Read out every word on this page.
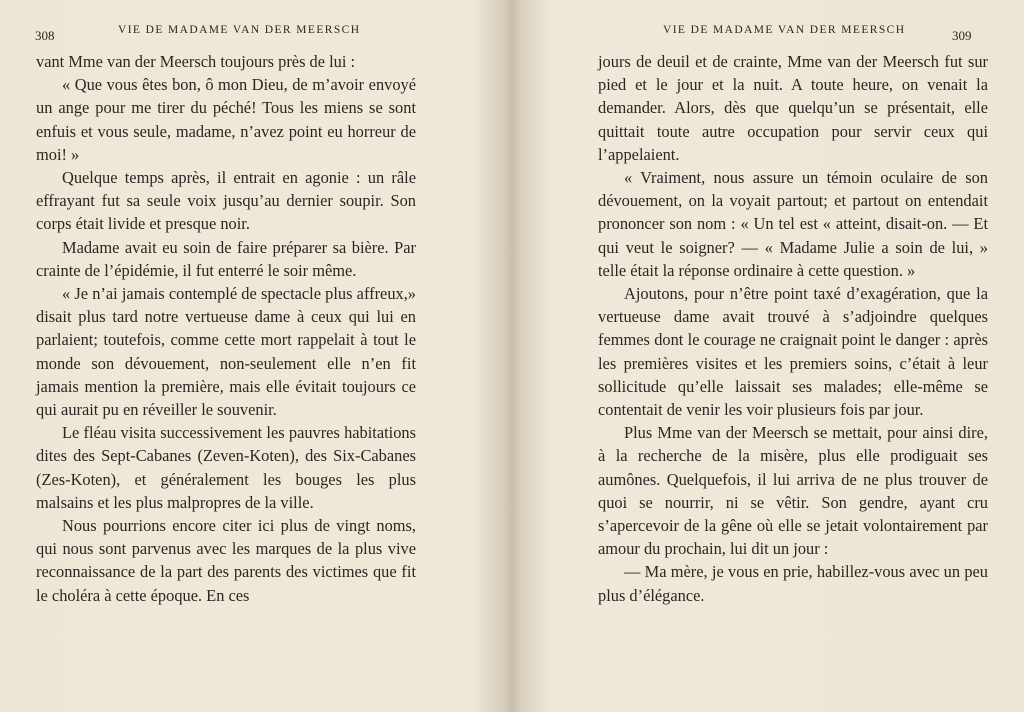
308	VIE DE MADAME VAN DER MEERSCH

vant Mme van der Meersch toujours près de lui :

« Que vous êtes bon, ô mon Dieu, de m’avoir envoyé un ange pour me tirer du péché! Tous les miens se sont enfuis et vous seule, madame, n’avez point eu horreur de moi! »

Quelque temps après, il entrait en agonie : un râle effrayant fut sa seule voix jusqu’au dernier soupir. Son corps était livide et presque noir.

Madame avait eu soin de faire préparer sa bière. Par crainte de l’épidémie, il fut enterré le soir même.

« Je n’ai jamais contemplé de spectacle plus affreux,» disait plus tard notre vertueuse dame à ceux qui lui en parlaient; toutefois, comme cette mort rappelait à tout le monde son dévouement, non-seulement elle n’en fit jamais mention la première, mais elle évitait toujours ce qui aurait pu en réveiller le souvenir.

Le fléau visita successivement les pauvres habitations dites des Sept-Cabanes (Zeven-Koten), des Six-Cabanes (Zes-Koten), et généralement les bouges les plus malsains et les plus malpropres de la ville.

Nous pourrions encore citer ici plus de vingt noms, qui nous sont parvenus avec les marques de la plus vive reconnaissance de la part des parents des victimes que fit le choléra à cette époque. En ces

VIE DE MADAME VAN DER MEERSCH	309

jours de deuil et de crainte, Mme van der Meersch fut sur pied et le jour et la nuit. A toute heure, on venait la demander. Alors, dès que quelqu’un se présentait, elle quittait toute autre occupation pour servir ceux qui l’appelaient.

« Vraiment, nous assure un témoin oculaire de son dévouement, on la voyait partout; et partout on entendait prononcer son nom : « Un tel est « atteint, disait-on. — Et qui veut le soigner? — « Madame Julie a soin de lui, » telle était la réponse ordinaire à cette question. »

Ajoutons, pour n’être point taxé d’exagération, que la vertueuse dame avait trouvé à s’adjoindre quelques femmes dont le courage ne craignait point le danger : après les premières visites et les premiers soins, c’était à leur sollicitude qu’elle laissait ses malades; elle-même se contentait de venir les voir plusieurs fois par jour.

Plus Mme van der Meersch se mettait, pour ainsi dire, à la recherche de la misère, plus elle prodiguait ses aumônes. Quelquefois, il lui arriva de ne plus trouver de quoi se nourrir, ni se vêtir. Son gendre, ayant cru s’apercevoir de la gêne où elle se jetait volontairement par amour du prochain, lui dit un jour :

— Ma mère, je vous en prie, habillez-vous avec un peu plus d’élégance.
